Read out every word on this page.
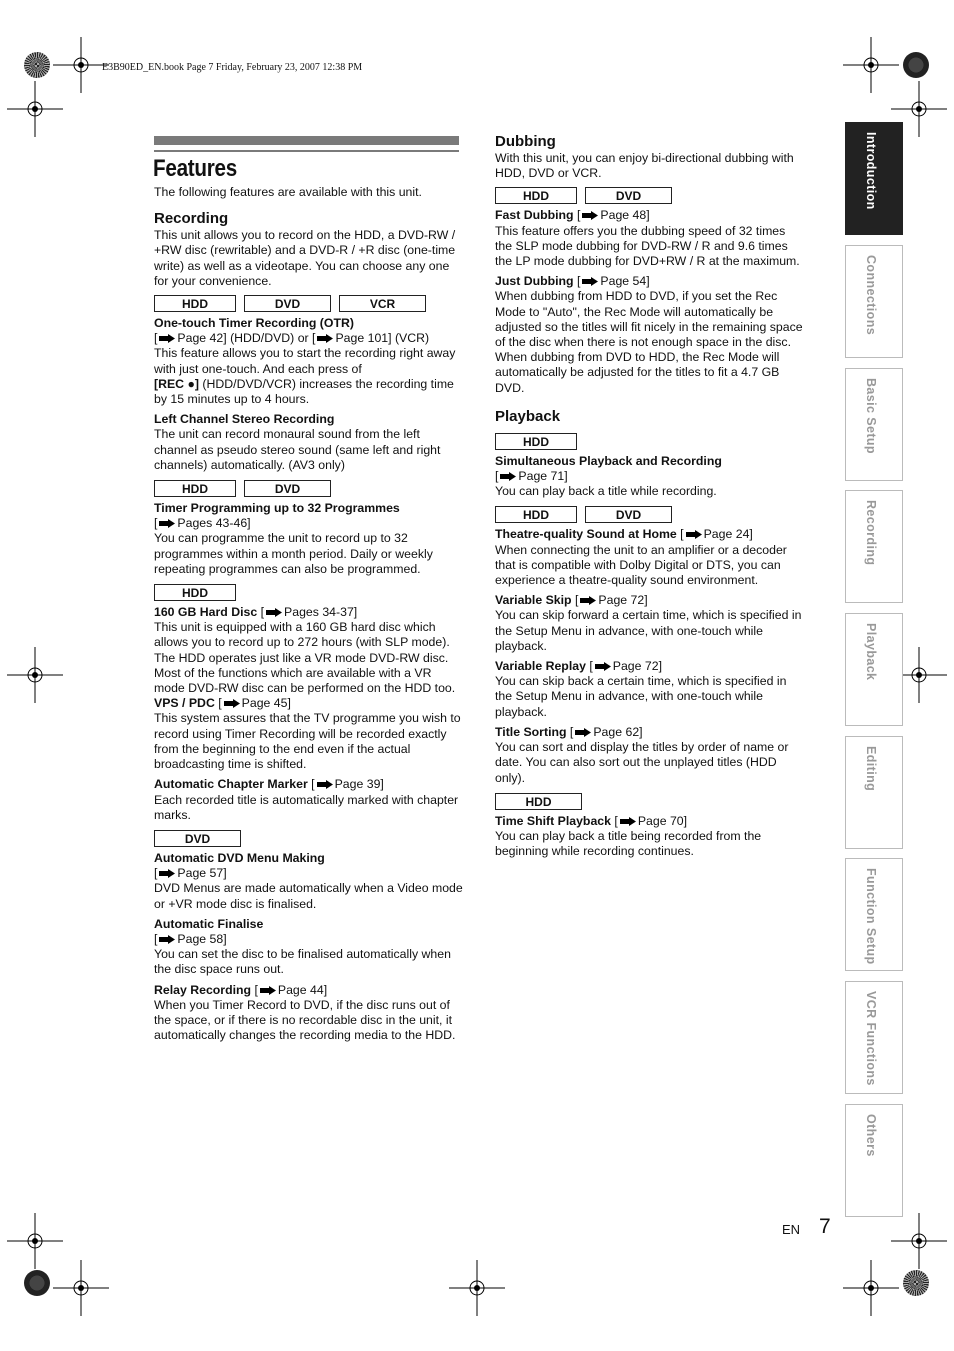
E3B90ED_EN.book Page 7 Friday, February 23, 2007 12:38 PM
Features

The following features are available with this unit.

Recording

This unit allows you to record on the HDD, a DVD-RW / +RW disc (rewritable) and a DVD-R / +R disc (one-time write) as well as a videotape. You can choose any one for your convenience.

HDD	DVD	VCR

One-touch Timer Recording (OTR)

[ Page 42] (HDD/DVD) or [ Page 101] (VCR)

This feature allows you to start the recording right away with just one-touch. And each press of
[REC ●] (HDD/DVD/VCR) increases the recording time by 15 minutes up to 4 hours.

Left Channel Stereo Recording

The unit can record monaural sound from the left channel as pseudo stereo sound (same left and right channels) automatically. (AV3 only)

HDD	DVD

Timer Programming up to 32 Programmes

[ Pages 43-46]

You can programme the unit to record up to 32 programmes within a month period. Daily or weekly repeating programmes can also be programmed.

HDD

160 GB Hard Disc [ Pages 34-37]

This unit is equipped with a 160 GB hard disc which allows you to record up to 272 hours (with SLP mode). The HDD operates just like a VR mode DVD-RW disc.

Most of the functions which are available with a VR mode DVD-RW disc can be performed on the HDD too.

VPS / PDC [ Page 45]

This system assures that the TV programme you wish to record using Timer Recording will be recorded exactly from the beginning to the end even if the actual broadcasting time is shifted.

Automatic Chapter Marker [ Page 39]

Each recorded title is automatically marked with chapter marks.

DVD

Automatic DVD Menu Making

[ Page 57]

DVD Menus are made automatically when a Video mode or +VR mode disc is finalised.

Automatic Finalise

[ Page 58]

You can set the disc to be finalised automatically when the disc space runs out.

Relay Recording [ Page 44]

When you Timer Record to DVD, if the disc runs out of the space, or if there is no recordable disc in the unit, it automatically changes the recording media to the HDD.

Dubbing

With this unit, you can enjoy bi-directional dubbing with HDD, DVD or VCR.

HDD	DVD

Fast Dubbing [ Page 48]

This feature offers you the dubbing speed of 32 times the SLP mode dubbing for DVD-RW / R and 9.6 times the LP mode dubbing for DVD+RW / R at the maximum.

Just Dubbing [ Page 54]

When dubbing from HDD to DVD, if you set the Rec Mode to "Auto", the Rec Mode will automatically be adjusted so the titles will fit nicely in the remaining space of the disc when there is not enough space in the disc. When dubbing from DVD to HDD, the Rec Mode will automatically be adjusted for the titles to fit a 4.7 GB DVD.

Playback
HDD

Simultaneous Playback and Recording

[ Page 71]

You can play back a title while recording.

HDD	DVD

Theatre-quality Sound at Home [ Page 24]

When connecting the unit to an amplifier or a decoder that is compatible with Dolby Digital or DTS, you can experience a theatre-quality sound environment.

Variable Skip [ Page 72]

You can skip forward a certain time, which is specified in the Setup Menu in advance, with one-touch while playback.

Variable Replay [ Page 72]

You can skip back a certain time, which is specified in the Setup Menu in advance, with one-touch while playback.

Title Sorting [ Page 62]

You can sort and display the titles by order of name or date. You can also sort out the unplayed titles (HDD only).

HDD

Time Shift Playback [ Page 70]

You can play back a title being recorded from the beginning while recording continues.

Introduction
Connections
Basic Setup
Recording
Playback
Editing
Function Setup
VCR Functions
Others
EN 7
